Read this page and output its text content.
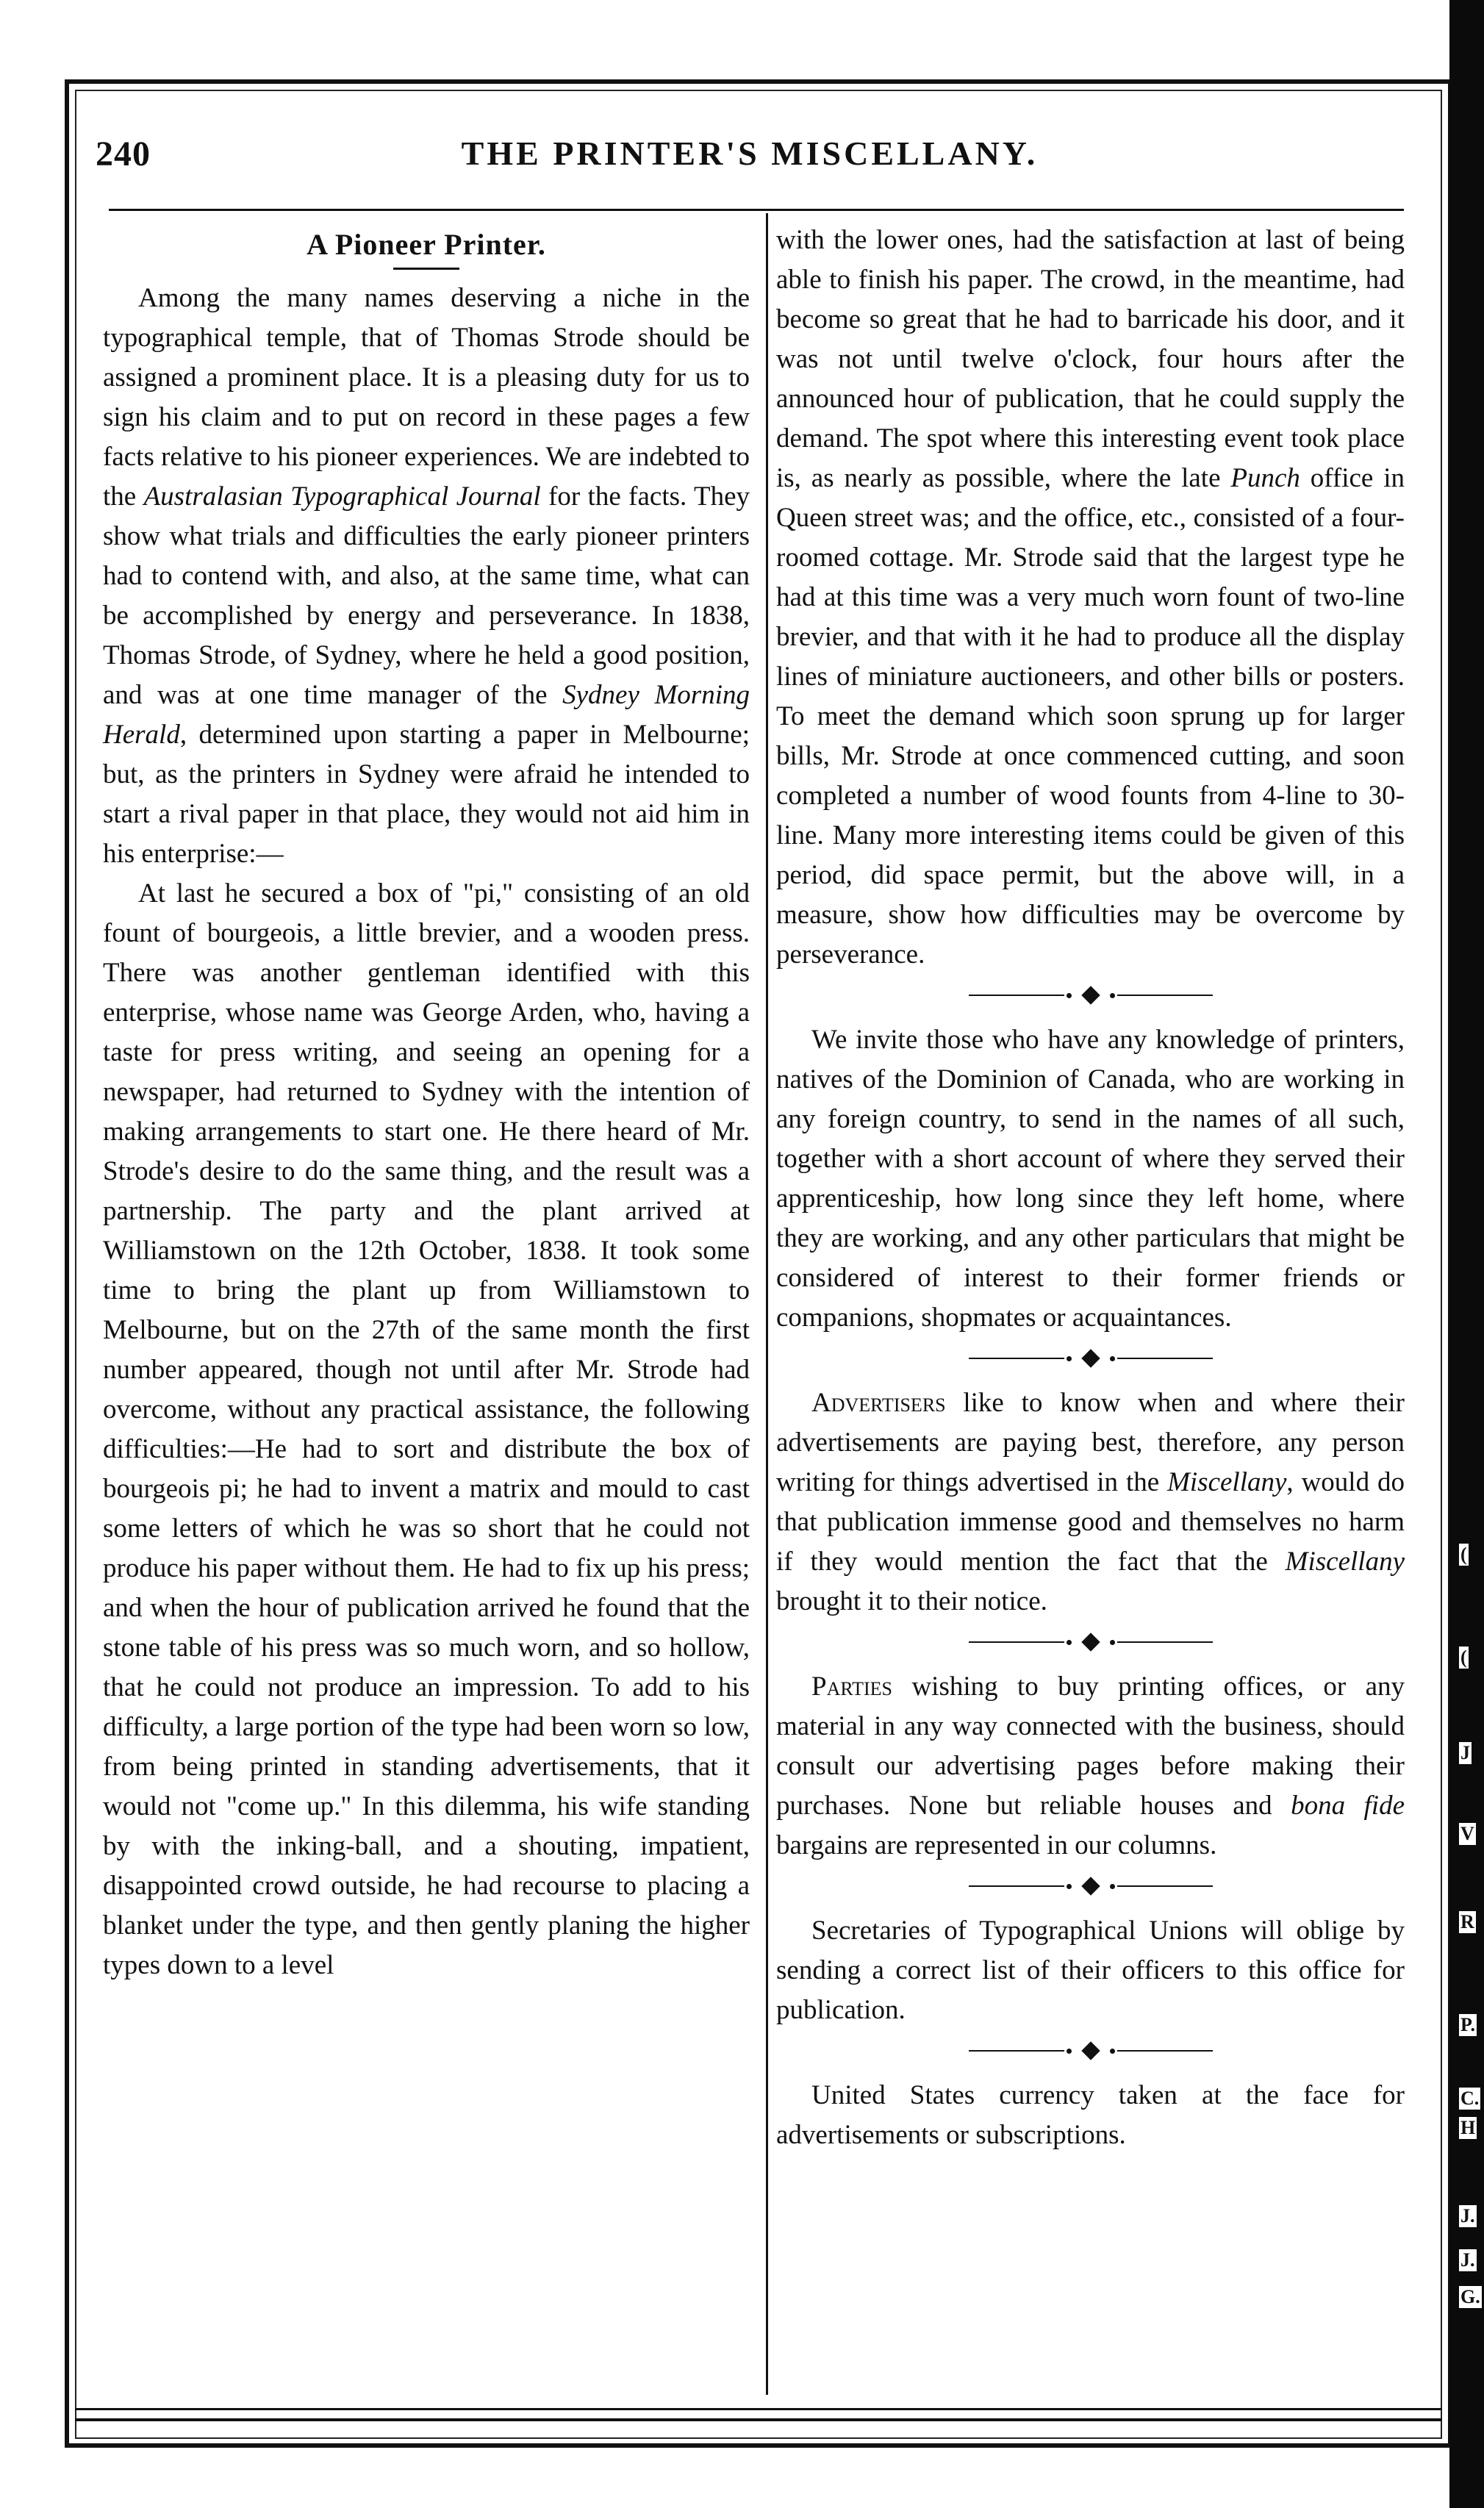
(
(
J
V
R
P.
C.
H
J.
J.
G.
240	THE PRINTER'S MISCELLANY.
A Pioneer Printer.

Among the many names deserving a niche in the typographical temple, that of Thomas Strode should be assigned a prominent place. It is a pleasing duty for us to sign his claim and to put on record in these pages a few facts relative to his pioneer experiences. We are indebted to the Australasian Typographical Journal for the facts. They show what trials and difficulties the early pioneer printers had to contend with, and also, at the same time, what can be accomplished by energy and perseverance. In 1838, Thomas Strode, of Sydney, where he held a good position, and was at one time manager of the Sydney Morning Herald, determined upon starting a paper in Melbourne; but, as the printers in Sydney were afraid he intended to start a rival paper in that place, they would not aid him in his enterprise:—

At last he secured a box of "pi," consisting of an old fount of bourgeois, a little brevier, and a wooden press. There was another gentleman identified with this enterprise, whose name was George Arden, who, having a taste for press writing, and seeing an opening for a newspaper, had returned to Sydney with the intention of making arrangements to start one. He there heard of Mr. Strode's desire to do the same thing, and the result was a partnership. The party and the plant arrived at Williamstown on the 12th October, 1838. It took some time to bring the plant up from Williamstown to Melbourne, but on the 27th of the same month the first number appeared, though not until after Mr. Strode had overcome, without any practical assistance, the following difficulties:—He had to sort and distribute the box of bourgeois pi; he had to invent a matrix and mould to cast some letters of which he was so short that he could not produce his paper without them. He had to fix up his press; and when the hour of publication arrived he found that the stone table of his press was so much worn, and so hollow, that he could not produce an impression. To add to his difficulty, a large portion of the type had been worn so low, from being printed in standing advertisements, that it would not "come up." In this dilemma, his wife standing by with the inking-ball, and a shouting, impatient, disappointed crowd outside, he had recourse to placing a blanket under the type, and then gently planing the higher types down to a level

with the lower ones, had the satisfaction at last of being able to finish his paper. The crowd, in the meantime, had become so great that he had to barricade his door, and it was not until twelve o'clock, four hours after the announced hour of publication, that he could supply the demand. The spot where this interesting event took place is, as nearly as possible, where the late Punch office in Queen street was; and the office, etc., consisted of a four-roomed cottage. Mr. Strode said that the largest type he had at this time was a very much worn fount of two-line brevier, and that with it he had to produce all the display lines of miniature auctioneers, and other bills or posters. To meet the demand which soon sprung up for larger bills, Mr. Strode at once commenced cutting, and soon completed a number of wood founts from 4-line to 30-line. Many more interesting items could be given of this period, did space permit, but the above will, in a measure, show how difficulties may be overcome by perseverance.

We invite those who have any knowledge of printers, natives of the Dominion of Canada, who are working in any foreign country, to send in the names of all such, together with a short account of where they served their apprenticeship, how long since they left home, where they are working, and any other particulars that might be considered of interest to their former friends or companions, shopmates or acquaintances.

Advertisers like to know when and where their advertisements are paying best, therefore, any person writing for things advertised in the Miscellany, would do that publication immense good and themselves no harm if they would mention the fact that the Miscellany brought it to their notice.

Parties wishing to buy printing offices, or any material in any way connected with the business, should consult our advertising pages before making their purchases. None but reliable houses and bona fide bargains are represented in our columns.

Secretaries of Typographical Unions will oblige by sending a correct list of their officers to this office for publication.

United States currency taken at the face for advertisements or subscriptions.
